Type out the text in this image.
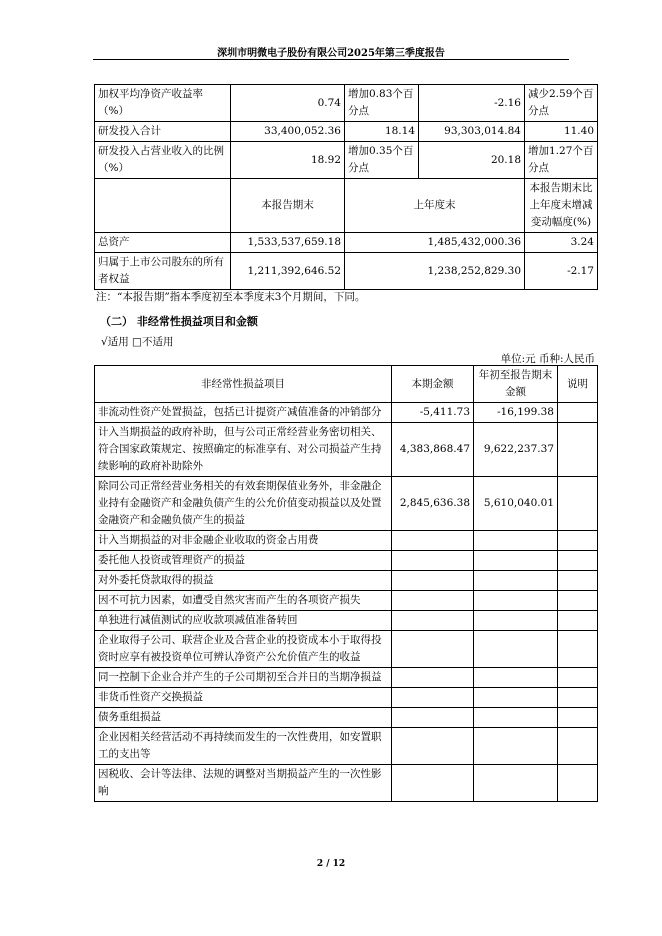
深圳市明微电子股份有限公司2025年第三季度报告
加权平均净资产收益率（%）	0.74	增加0.83个百分点	-2.16	减少2.59个百分点
研发投入合计	33,400,052.36	18.14	93,303,014.84	11.40
研发投入占营业收入的比例（%）	18.92	增加0.35个百分点	20.18	增加1.27个百分点
	本报告期末	上年度末		本报告期末比上年度末增减变动幅度(%)
总资产	1,533,537,659.18	1,485,432,000.36		3.24
归属于上市公司股东的所有者权益	1,211,392,646.52	1,238,252,829.30		-2.17
注：“本报告期”指本季度初至本季度末3个月期间，下同。
（二） 非经常性损益项目和金额
√适用 □不适用
单位:元 币种:人民币
非经常性损益项目	本期金额	年初至报告期末金额	说明
非流动性资产处置损益，包括已计提资产减值准备的冲销部分	-5,411.73	-16,199.38	
计入当期损益的政府补助，但与公司正常经营业务密切相关、符合国家政策规定、按照确定的标准享有、对公司损益产生持续影响的政府补助除外	4,383,868.47	9,622,237.37	
除同公司正常经营业务相关的有效套期保值业务外，非金融企业持有金融资产和金融负债产生的公允价值变动损益以及处置金融资产和金融负债产生的损益	2,845,636.38	5,610,040.01	
计入当期损益的对非金融企业收取的资金占用费			
委托他人投资或管理资产的损益			
对外委托贷款取得的损益			
因不可抗力因素，如遭受自然灾害而产生的各项资产损失			
单独进行减值测试的应收款项减值准备转回			
企业取得子公司、联营企业及合营企业的投资成本小于取得投资时应享有被投资单位可辨认净资产公允价值产生的收益			
同一控制下企业合并产生的子公司期初至合并日的当期净损益			
非货币性资产交换损益			
债务重组损益			
企业因相关经营活动不再持续而发生的一次性费用，如安置职工的支出等			
因税收、会计等法律、法规的调整对当期损益产生的一次性影响			
2 / 12
